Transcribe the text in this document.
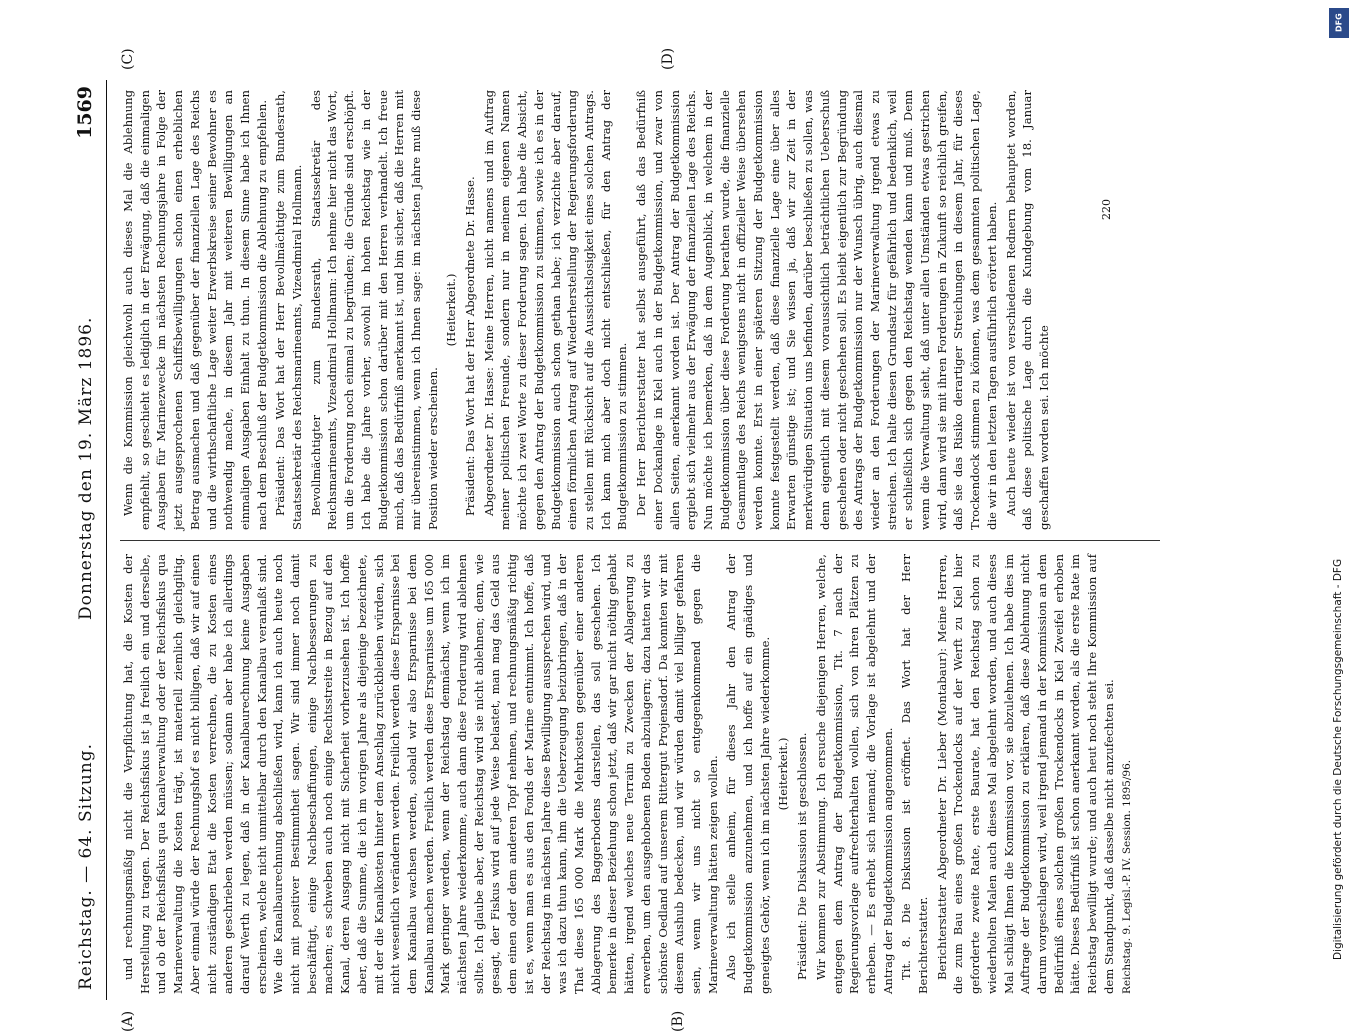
Reichstag. — 64. Sitzung.
Donnerstag den 19. März 1896.
1569
(A)	(B)
(C)	(D)

und rechnungsmäßig nicht die Verpflichtung hat, die Kosten der Herstellung zu tragen. Der Reichsfiskus ist ja freilich ein und derselbe, und ob der Reichsfiskus qua Kanalverwaltung oder der Reichsfiskus qua Marineverwaltung die Kosten trägt, ist materiell ziemlich gleichgiltig. Aber einmal würde der Rechnungshof es nicht billigen, daß wir auf einen nicht zuständigen Etat die Kosten verrechnen, die zu Kosten eines anderen geschrieben werden müssen; sodann aber habe ich allerdings darauf Werth zu legen, daß in der Kanalbaurechnung keine Ausgaben erscheinen, welche nicht unmittelbar durch den Kanalbau veranlaßt sind. Wie die Kanalbaurechnung abschließen wird, kann ich auch heute noch nicht mit positiver Bestimmtheit sagen. Wir sind immer noch damit beschäftigt, einige Nachbeschaffungen, einige Nachbesserungen zu machen; es schweben auch noch einige Rechtsstreite in Bezug auf den Kanal, deren Ausgang nicht mit Sicherheit vorherzusehen ist. Ich hoffe aber, daß die Summe, die ich im vorigen Jahre als diejenige bezeichnete, mit der die Kanalkosten hinter dem Anschlag zurückbleiben würden, sich nicht wesentlich verändern werden. Freilich werden diese Ersparnisse bei dem Kanalbau wachsen werden, sobald wir also Ersparnisse bei dem Kanalbau machen werden. Freilich werden diese Ersparnisse um 165 000 Mark geringer werden, wenn der Reichstag demnächst, wenn ich im nächsten Jahre wiederkomme, auch dann diese Forderung wird ablehnen sollte. Ich glaube aber, der Reichstag wird sie nicht ablehnen; denn, wie gesagt, der Fiskus wird auf jede Weise belastet, man mag das Geld aus dem einen oder dem anderen Topf nehmen, und rechnungsmäßig richtig ist es, wenn man es aus den Fonds der Marine entnimmt. Ich hoffe, daß der Reichstag im nächsten Jahre diese Bewilligung aussprechen wird, und was ich dazu thun kann, ihm die Ueberzeugung beizubringen, daß in der That diese 165 000 Mark die Mehrkosten gegenüber einer anderen Ablagerung des Baggerbodens darstellen, das soll geschehen. Ich bemerke in dieser Beziehung schon jetzt, daß wir gar nicht nöthig gehabt hätten, irgend welches neue Terrain zu Zwecken der Ablagerung zu erwerben, um den ausgehobenen Boden abzulagern; dazu hatten wir das schönste Oedland auf unserem Rittergut Projensdorf. Da konnten wir mit diesem Aushub bedecken, und wir würden damit viel billiger gefahren sein, wenn wir uns nicht so entgegenkommend gegen die Marineverwaltung hätten zeigen wollen. Also ich stelle anheim, für dieses Jahr den Antrag der Budgetkommission anzunehmen, und ich hoffe auf ein gnädiges und geneigtes Gehör, wenn ich im nächsten Jahre wiederkomme. (Heiterkeit.) Präsident: Die Diskussion ist geschlossen. Wir kommen zur Abstimmung. Ich ersuche diejenigen Herren, welche, entgegen dem Antrag der Budgetkommission, Tit. 7 nach der Regierungsvorlage aufrechterhalten wollen, sich von ihren Plätzen zu erheben. — Es erhebt sich niemand; die Vorlage ist abgelehnt und der Antrag der Budgetkommission angenommen. Tit. 8. Die Diskussion ist eröffnet. Das Wort hat der Herr Berichterstatter. Berichterstatter Abgeordneter Dr. Lieber (Montabaur): Meine Herren, die zum Bau eines großen Trockendocks auf der Werft zu Kiel hier geforderte zweite Rate, erste Baurate, hat den Reichstag schon zu wiederholten Malen auch dieses Mal abgelehnt worden, und auch dieses Mal schlägt Ihnen die Kommission vor, sie abzulehnen. Ich habe dies im Auftrage der Budgetkommission zu erklären, daß diese Ablehnung nicht darum vorgeschlagen wird, weil irgend jemand in der Kommission an dem Bedürfniß eines solchen großen Trockendocks in Kiel Zweifel erhoben hätte. Dieses Bedürfniß ist schon anerkannt worden, als die erste Rate im Reichstag bewilligt wurde; und auch heut noch steht Ihre Kommission auf dem Standpunkt, daß dasselbe nicht anzufechten sei. Reichstag. 9. Legisl.-P. IV. Session. 1895/96.

Wenn die Kommission gleichwohl auch dieses Mal die Ablehnung empfiehlt, so geschieht es lediglich in der Erwägung, daß die einmaligen Ausgaben für Marinezwecke im nächsten Rechnungsjahre in Folge der jetzt ausgesprochenen Schiffsbewilligungen schon einen erheblichen Betrag ausmachen und daß gegenüber der finanziellen Lage des Reichs und die wirthschaftliche Lage weiter Erwerbskreise seiner Bewohner es nothwendig mache, in diesem Jahr mit weiteren Bewilligungen an einmaligen Ausgaben Einhalt zu thun. In diesem Sinne habe ich Ihnen nach dem Beschluß der Budgetkommission die Ablehnung zu empfehlen. Präsident: Das Wort hat der Herr Bevollmächtigte zum Bundesrath, Staatssekretär des Reichsmarineamts, Vizeadmiral Hollmann. Bevollmächtigter zum Bundesrath, Staatssekretär des Reichsmarineamts, Vizeadmiral Hollmann: Ich nehme hier nicht das Wort, um die Forderung noch einmal zu begründen; die Gründe sind erschöpft. Ich habe die Jahre vorher, sowohl im hohen Reichstag wie in der Budgetkommission schon darüber mit den Herren verhandelt. Ich freue mich, daß das Bedürfniß anerkannt ist, und bin sicher, daß die Herren mit mir übereinstimmen, wenn ich Ihnen sage: im nächsten Jahre muß diese Position wieder erscheinen.

(Heiterkeit.) Präsident: Das Wort hat der Herr Abgeordnete Dr. Hasse. Abgeordneter Dr. Hasse: Meine Herren, nicht namens und im Auftrag meiner politischen Freunde, sondern nur in meinem eigenen Namen möchte ich zwei Worte zu dieser Forderung sagen. Ich habe die Absicht, gegen den Antrag der Budgetkommission zu stimmen, sowie ich es in der Budgetkommission auch schon gethan habe; ich verzichte aber darauf, einen förmlichen Antrag auf Wiederherstellung der Regierungsforderung zu stellen mit Rücksicht auf die Aussichtslosigkeit eines solchen Antrags. Ich kann mich aber doch nicht entschließen, für den Antrag der Budgetkommission zu stimmen. Der Herr Berichterstatter hat selbst ausgeführt, daß das Bedürfniß einer Dockanlage in Kiel auch in der Budgetkommission, und zwar von allen Seiten, anerkannt worden ist. Der Antrag der Budgetkommission ergiebt sich vielmehr aus der Erwägung der finanziellen Lage des Reichs. Nun möchte ich bemerken, daß in dem Augenblick, in welchem in der Budgetkommission über diese Forderung berathen wurde, die finanzielle Gesammtlage des Reichs wenigstens nicht in offizieller Weise übersehen werden konnte. Erst in einer späteren Sitzung der Budgetkommission konnte festgestellt werden, daß diese finanzielle Lage eine über alles Erwarten günstige ist; und Sie wissen ja, daß wir zur Zeit in der merkwürdigen Situation uns befinden, darüber beschließen zu sollen, was denn eigentlich mit diesem voraussichtlich beträchtlichen Ueberschuß geschehen oder nicht geschehen soll. Es bleibt eigentlich zur Begründung des Antrags der Budgetkommission nur der Wunsch übrig, auch diesmal wieder an den Forderungen der Marineverwaltung irgend etwas zu streichen. Ich halte diesen Grundsatz für gefährlich und bedenklich, weil er schließlich sich gegen den Reichstag wenden kann und muß. Denn wenn die Verwaltung sieht, daß unter allen Umständen etwas gestrichen wird, dann wird sie mit ihren Forderungen in Zukunft so reichlich greifen, daß sie das Risiko derartiger Streichungen in diesem Jahr, für dieses Trockendock stimmen zu können, was dem gesammten politischen Lage, die wir in den letzten Tagen ausführlich erörtert haben. Auch heute wieder ist von verschiedenen Rednern behauptet worden, daß diese politische Lage durch die Kundgebung vom 18. Januar geschaffen worden sei. Ich möchte

220
Digitalisierung gefördert durch die Deutsche Forschungsgemeinschaft - DFG
DFG
